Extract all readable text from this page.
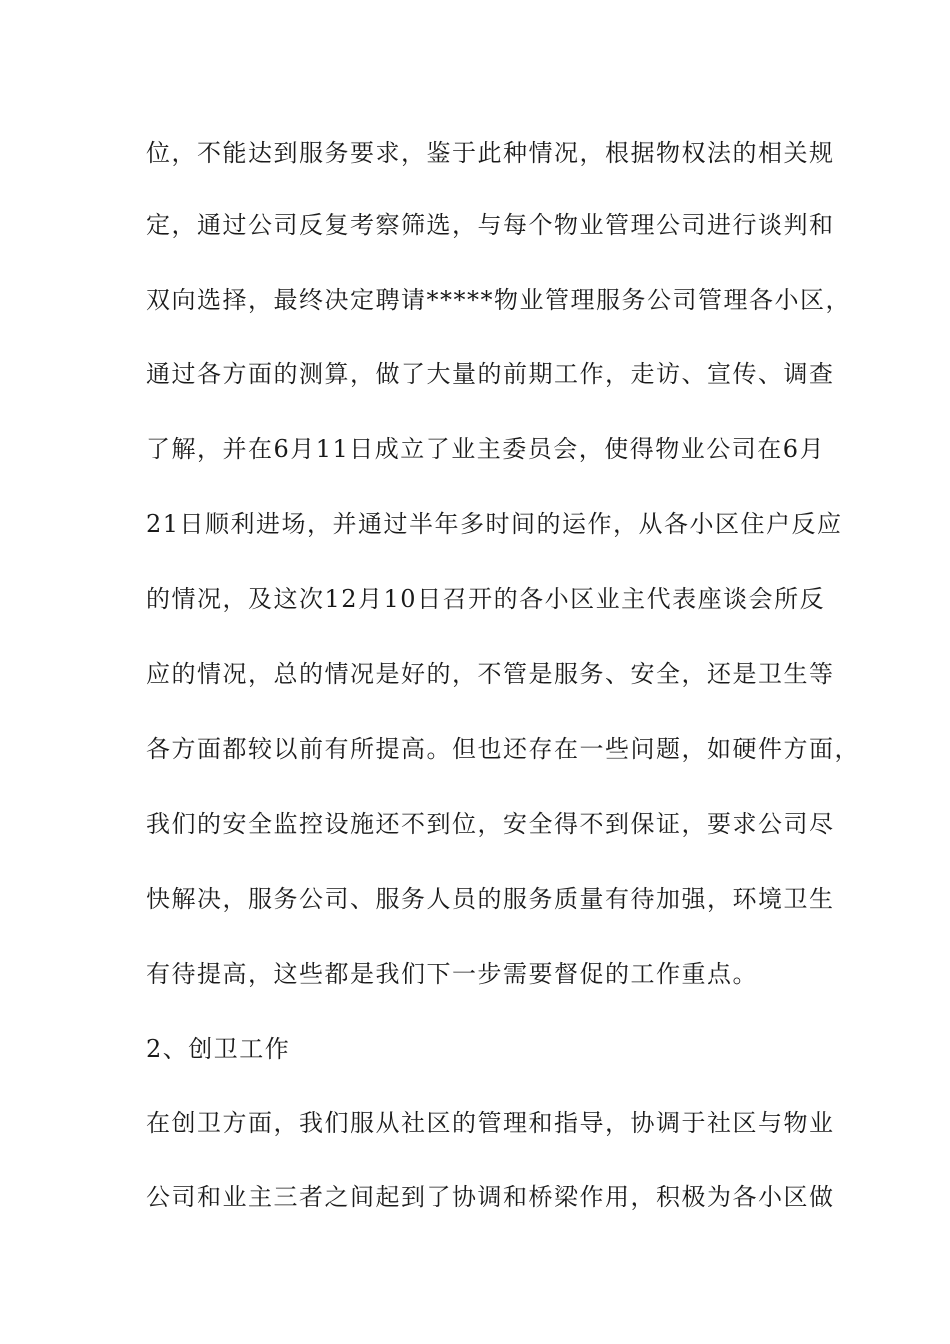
位，不能达到服务要求，鉴于此种情况，根据物权法的相关规
定，通过公司反复考察筛选，与每个物业管理公司进行谈判和
双向选择，最终决定聘请*****物业管理服务公司管理各小区，
通过各方面的测算，做了大量的前期工作，走访、宣传、调查
了解，并在6月11日成立了业主委员会，使得物业公司在6月
21日顺利进场，并通过半年多时间的运作，从各小区住户反应
的情况，及这次12月10日召开的各小区业主代表座谈会所反
应的情况，总的情况是好的，不管是服务、安全，还是卫生等
各方面都较以前有所提高。但也还存在一些问题，如硬件方面，
我们的安全监控设施还不到位，安全得不到保证，要求公司尽
快解决，服务公司、服务人员的服务质量有待加强，环境卫生
有待提高，这些都是我们下一步需要督促的工作重点。
2、创卫工作
在创卫方面，我们服从社区的管理和指导，协调于社区与物业
公司和业主三者之间起到了协调和桥梁作用，积极为各小区做
